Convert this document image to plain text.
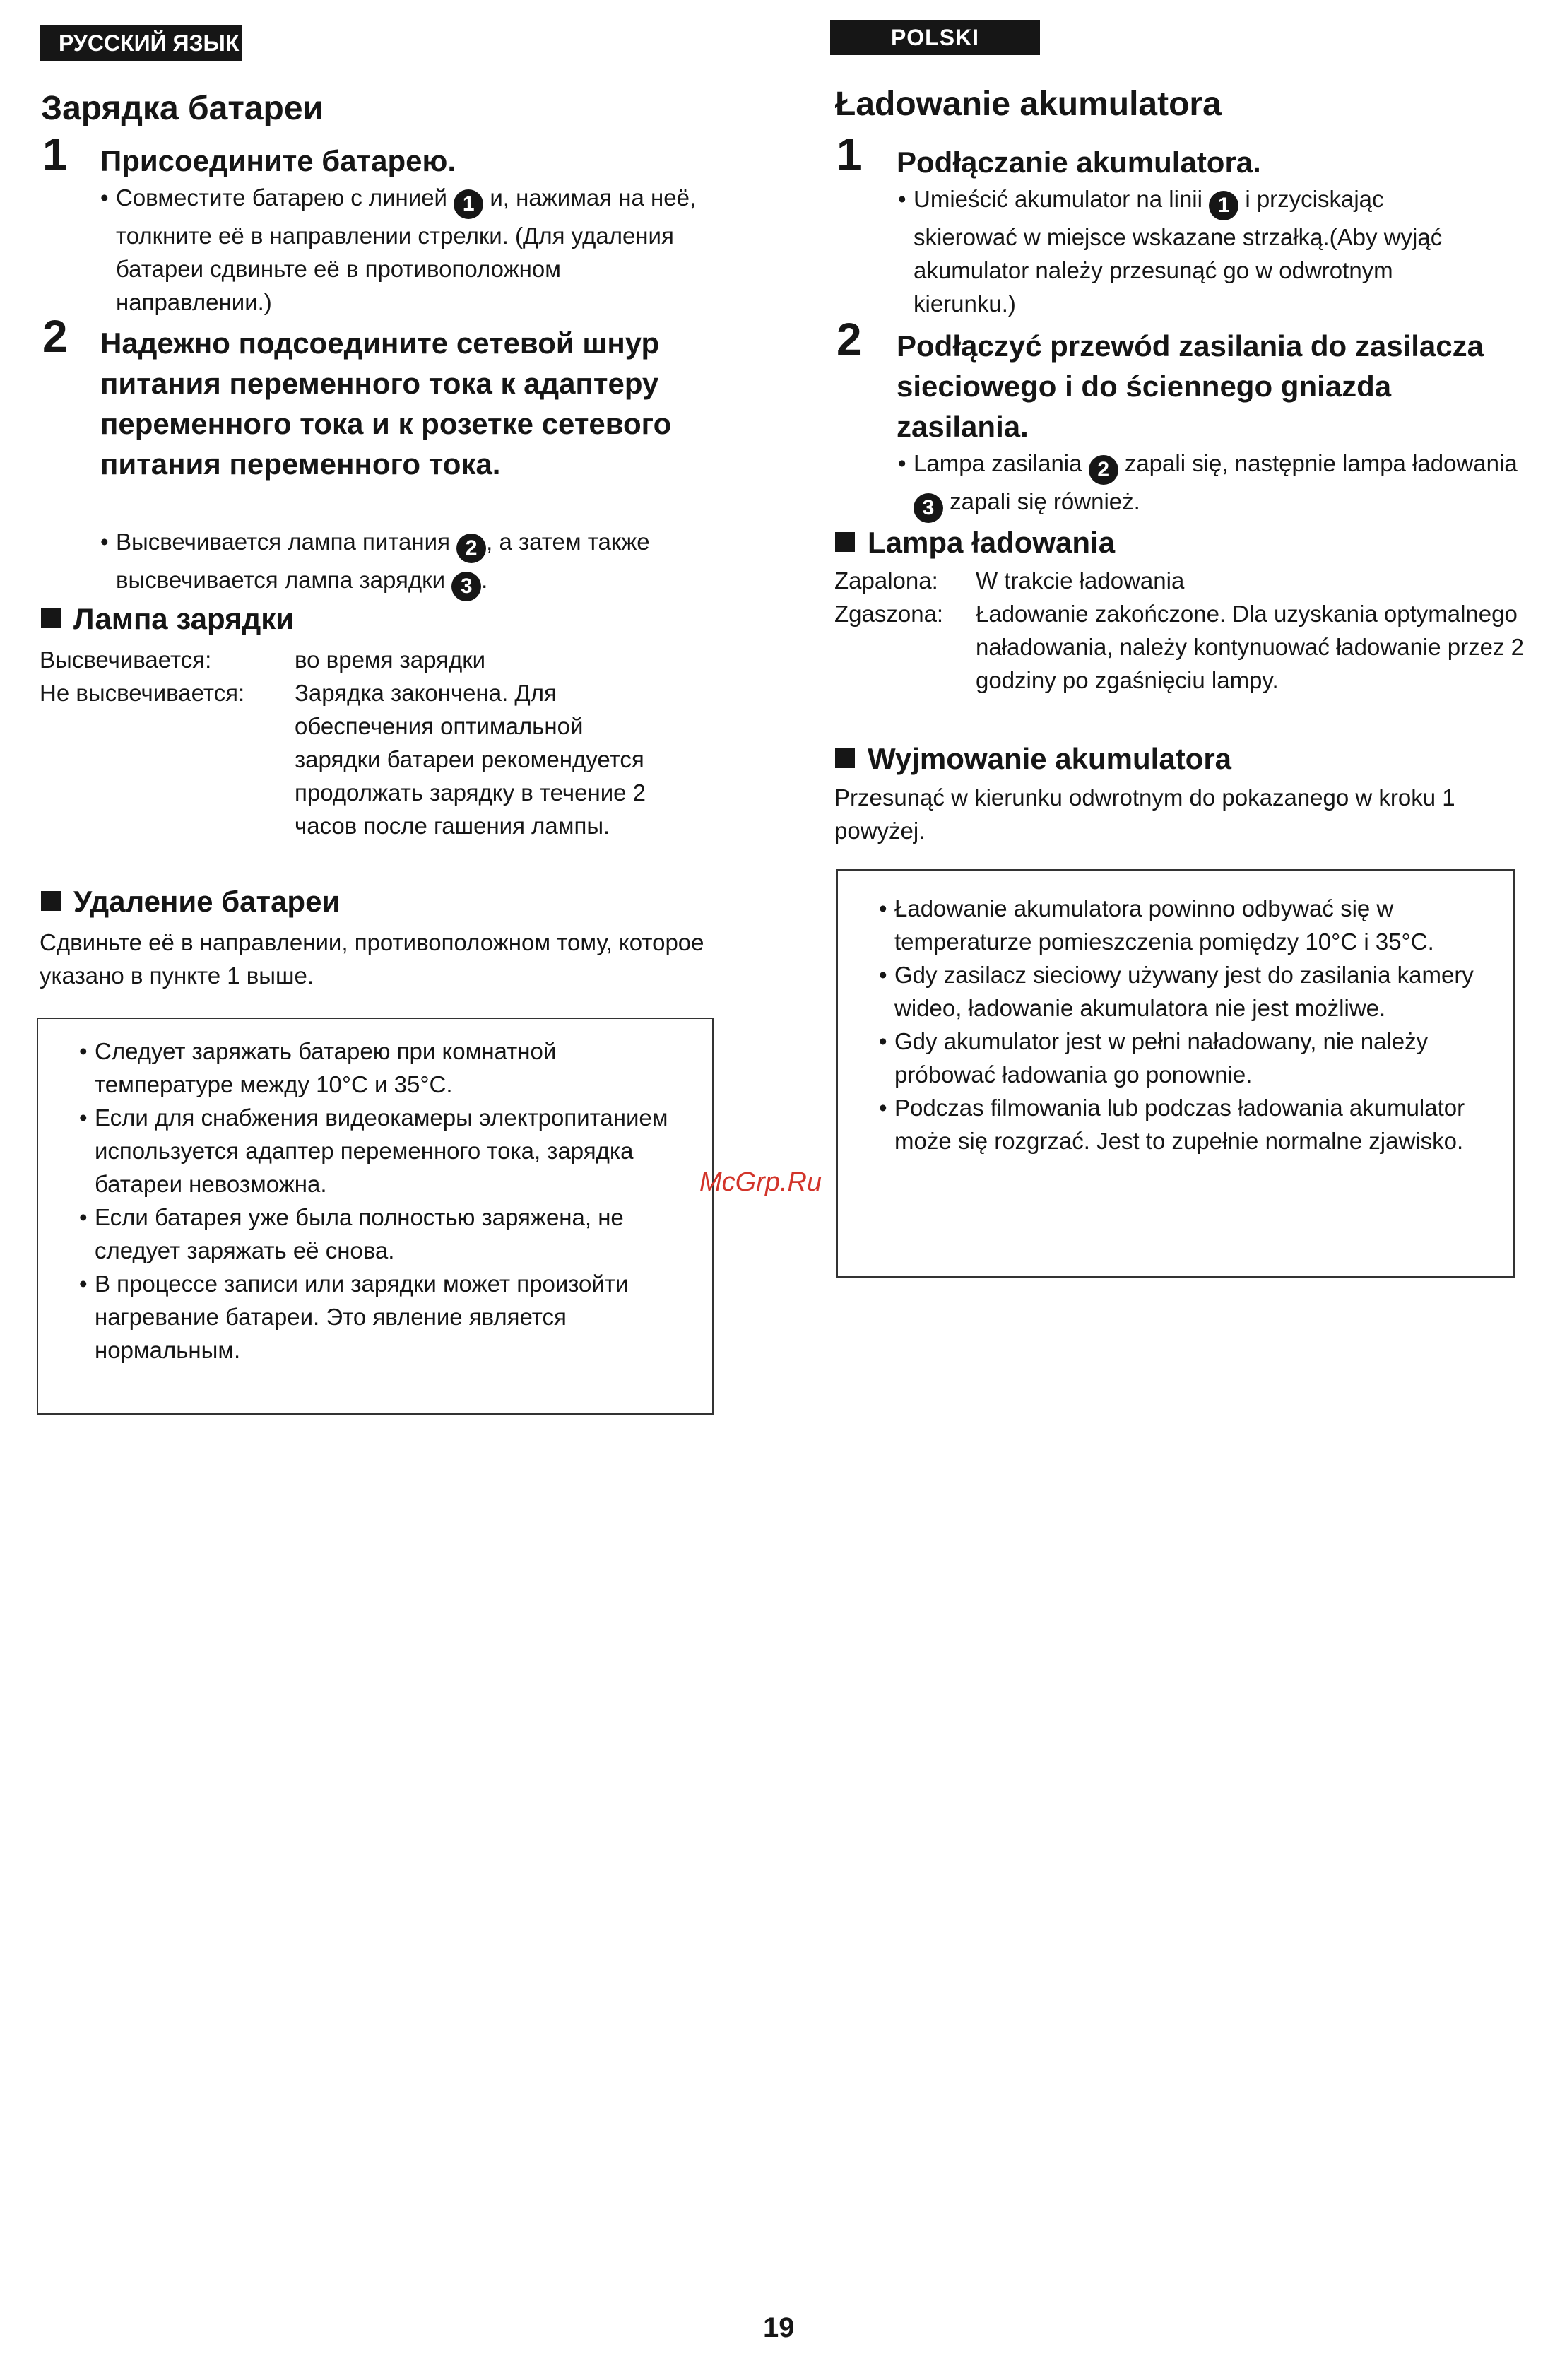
РУССКИЙ ЯЗЫК
Зарядка батареи
1 Присоедините батарею.
• Совместите батарею с линией 1 и, нажимая на неё, толкните её в направлении стрелки. (Для удаления батареи сдвиньте её в противоположном направлении.)
2 Надежно подсоедините сетевой шнур питания переменного тока к адаптеру переменного тока и к розетке сетевого питания переменного тока.
• Высвечивается лампа питания 2 , а затем также высвечивается лампа зарядки 3 .
Лампа зарядки
Высвечивается:	во время зарядки
Не высвечивается: Зарядка закончена. Для обеспечения оптимальной зарядки батареи рекомендуется продолжать зарядку в течение 2 часов после гашения лампы.
Удаление батареи
Сдвиньте её в направлении, противоположном тому, которое указано в пункте 1 выше.
• Следует заряжать батарею при комнатной температуре между 10°C и 35°C.
• Если для снабжения видеокамеры электропитанием используется адаптер переменного тока, зарядка батареи невозможна.
• Если батарея уже была полностью заряжена, не следует заряжать её снова.
• В процессе записи или зарядки может произойти нагревание батареи. Это явление является нормальным.
POLSKI
Ładowanie akumulatora
1 Podłączanie akumulatora.
• Umieścić akumulator na linii 1 i przyciskając skierować w miejsce wskazane strzałką.(Aby wyjąć akumulator należy przesunąć go w odwrotnym kierunku.)
2 Podłączyć przewód zasilania do zasilacza sieciowego i do ściennego gniazda zasilania.
• Lampa zasilania 2 zapali się, następnie lampa ładowania 3 zapali się również.
Lampa ładowania
Zapalona: W trakcie ładowania
Zgaszona: Ładowanie zakończone. Dla uzyskania optymalnego naładowania, należy kontynuować ładowanie przez 2 godziny po zgaśnięciu lampy.
Wyjmowanie akumulatora
Przesunąć w kierunku odwrotnym do pokazanego w kroku 1 powyżej.
• Ładowanie akumulatora powinno odbywać się w temperaturze pomieszczenia pomiędzy 10°C i 35°C.
• Gdy zasilacz sieciowy używany jest do zasilania kamery wideo, ładowanie akumulatora nie jest możliwe.
• Gdy akumulator jest w pełni naładowany, nie należy próbować ładowania go ponownie.
• Podczas filmowania lub podczas ładowania akumulator może się rozgrzać. Jest to zupełnie normalne zjawisko.
McGrp.Ru
19
